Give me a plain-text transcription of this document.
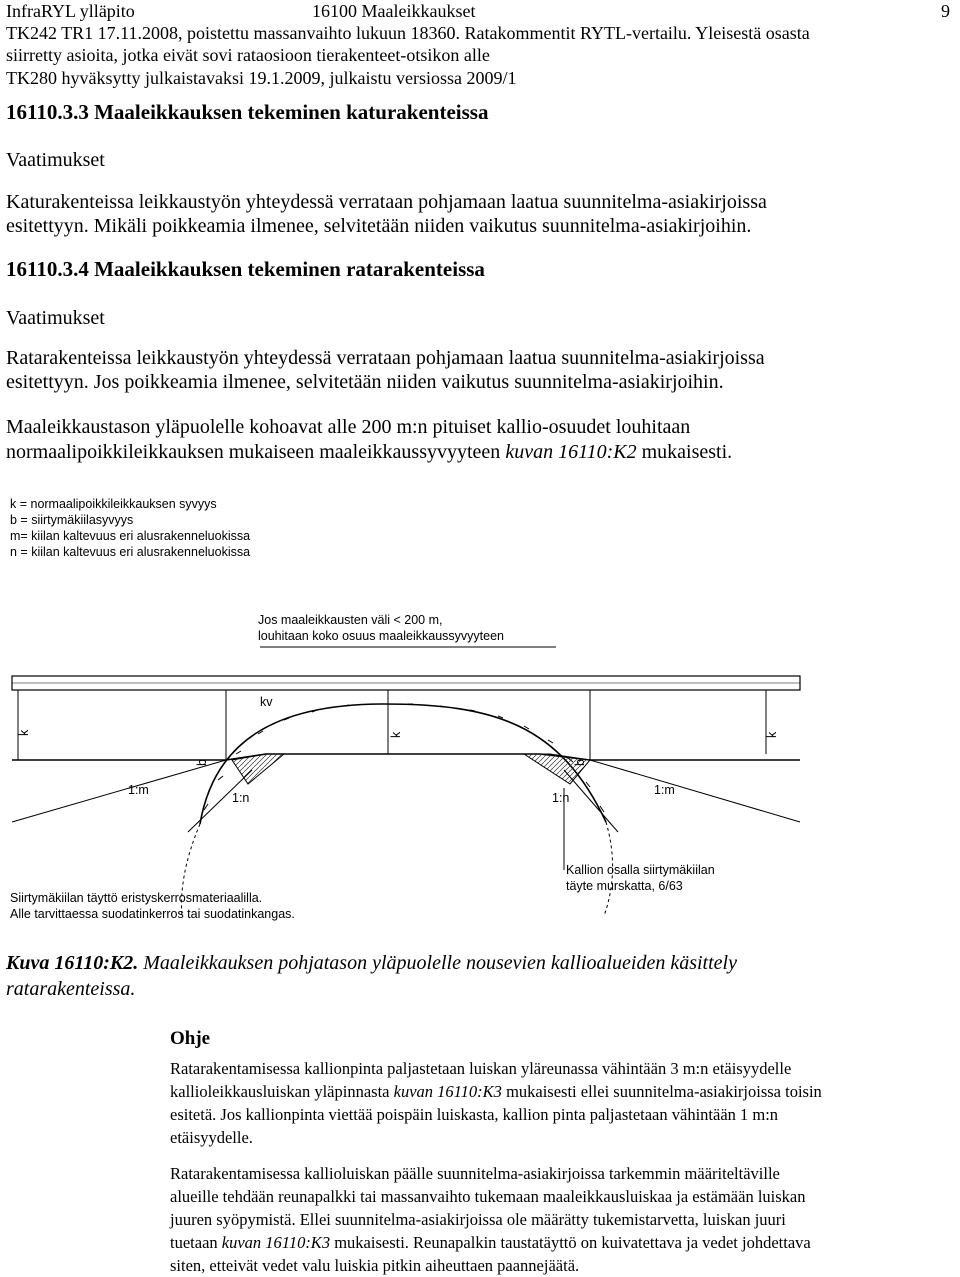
InfraRYL ylläpito	16100 Maaleikkaukset	9
TK242 TR1 17.11.2008, poistettu massanvaihto lukuun 18360. Ratakommentit RYTL-vertailu. Yleisestä osasta
siirretty asioita, jotka eivät sovi rataosioon tierakenteet-otsikon alle
TK280 hyväksytty julkaistavaksi 19.1.2009, julkaistu versiossa 2009/1
16110.3.3 Maaleikkauksen tekeminen katurakenteissa
Vaatimukset
Katurakenteissa leikkaustyön yhteydessä verrataan pohjamaan laatua suunnitelma-asiakirjoissa
esitettyyn. Mikäli poikkeamia ilmenee, selvitetään niiden vaikutus suunnitelma-asiakirjoihin.
16110.3.4 Maaleikkauksen tekeminen ratarakenteissa
Vaatimukset
Ratarakenteissa leikkaustyön yhteydessä verrataan pohjamaan laatua suunnitelma-asiakirjoissa
esitettyyn. Jos poikkeamia ilmenee, selvitetään niiden vaikutus suunnitelma-asiakirjoihin.
Maaleikkaustason yläpuolelle kohoavat alle 200 m:n pituiset kallio-osuudet louhitaan
normaalipoikkileikkauksen mukaiseen maaleikkaussyvyyteen kuvan 16110:K2 mukaisesti.
k = normaalipoikkileikkauksen syvyys
b = siirtymäkiilasyvyys
m= kiilan kaltevuus eri alusrakenneluokissa
n = kiilan kaltevuus eri alusrakenneluokissa
Jos maaleikkausten väli < 200 m,
louhitaan koko osuus maaleikkaussyvyyteen
k	k	k
kv
b	b
1:m	1:m
1:n	1:n
Kallion osalla siirtymäkiilan
täyte murskatta, 6/63
Siirtymäkiilan täyttö eristyskerrosmateriaalilla.
Alle tarvittaessa suodatinkerros tai suodatinkangas.
Kuva 16110:K2. Maaleikkauksen pohjatason yläpuolelle nousevien kallioalueiden käsittely
ratarakenteissa.
Ohje
Ratarakentamisessa kallionpinta paljastetaan luiskan yläreunassa vähintään 3 m:n etäisyydelle
kallioleikkausluiskan yläpinnasta kuvan 16110:K3 mukaisesti ellei suunnitelma-asiakirjoissa toisin
esitetä. Jos kallionpinta viettää poispäin luiskasta, kallion pinta paljastetaan vähintään 1 m:n
etäisyydelle.
Ratarakentamisessa kallioluiskan päälle suunnitelma-asiakirjoissa tarkemmin määriteltäville
alueille tehdään reunapalkki tai massanvaihto tukemaan maaleikkausluiskaa ja estämään luiskan
juuren syöpymistä. Ellei suunnitelma-asiakirjoissa ole määrätty tukemistarvetta, luiskan juuri
tuetaan kuvan 16110:K3 mukaisesti. Reunapalkin taustatäyttö on kuivatettava ja vedet johdettava
siten, etteivät vedet valu luiskia pitkin aiheuttaen paannejäätä.
